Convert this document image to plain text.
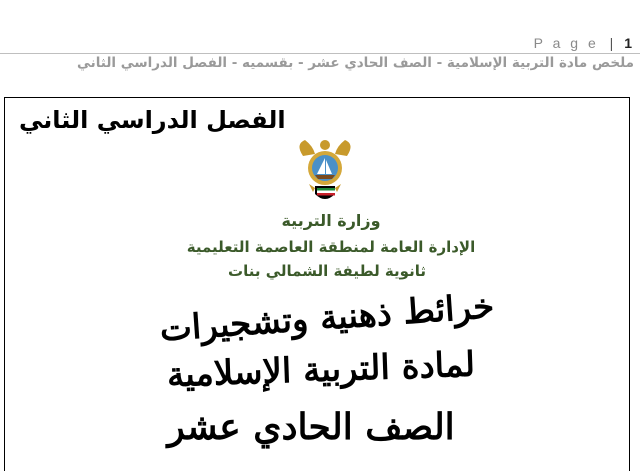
P a g e | 1
ملخص مادة التربية الإسلامية - الصف الحادي عشر - بقسميه - الفصل الدراسي الثاني
الفصل الدراسي الثاني
وزارة التربية
الإدارة العامة لمنطقة العاصمة التعليمية
ثانوية لطيفة الشمالي بنات
خرائط ذهنية وتشجيرات
لمادة التربية الإسلامية
الصف الحادي عشر
